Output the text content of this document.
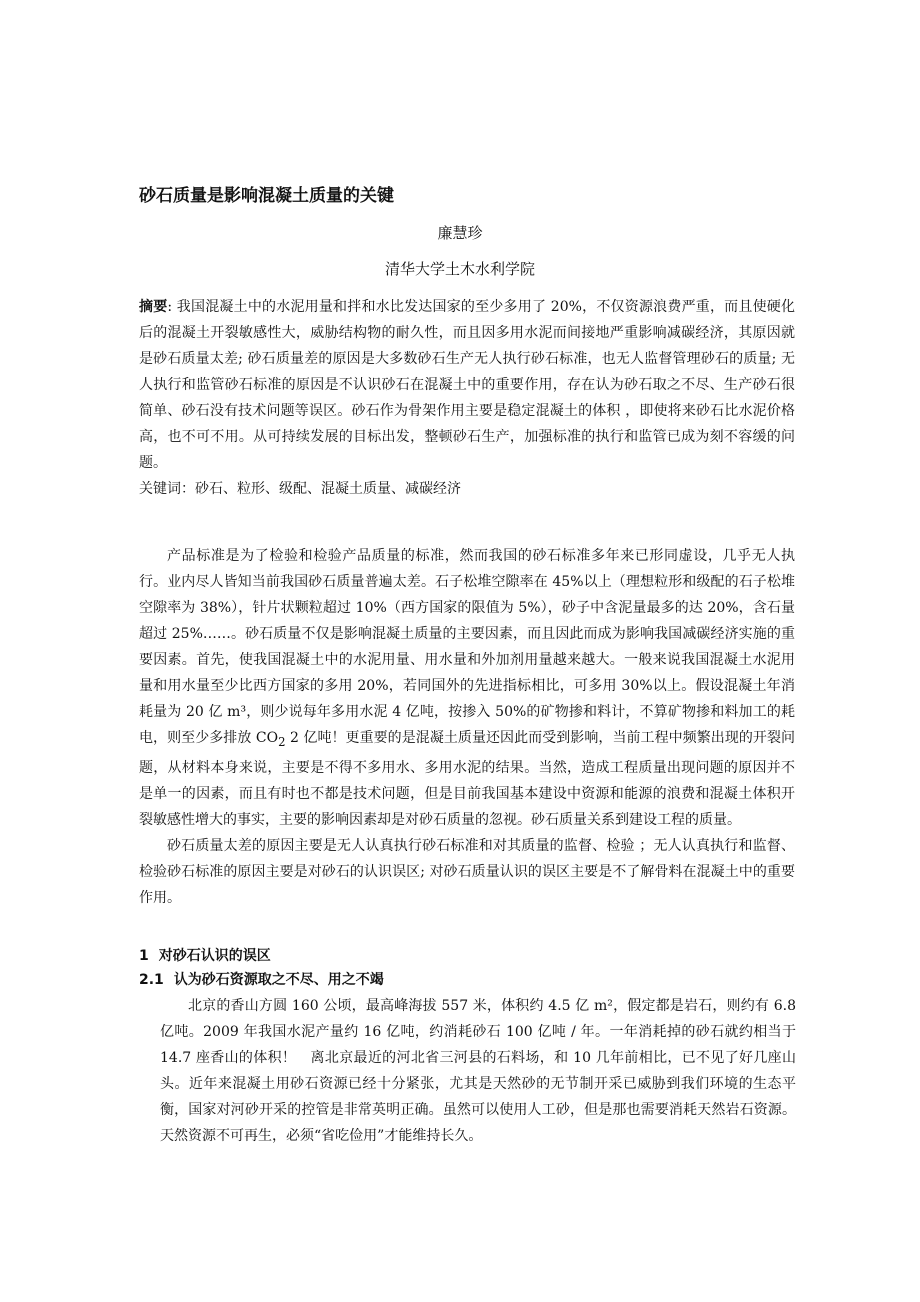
砂石质量是影响混凝土质量的关键
廉慧珍
清华大学土木水利学院
摘要: 我国混凝土中的水泥用量和拌和水比发达国家的至少多用了 20%，不仅资源浪费严重，而且使硬化后的混凝土开裂敏感性大，威胁结构物的耐久性，而且因多用水泥而间接地严重影响减碳经济，其原因就是砂石质量太差; 砂石质量差的原因是大多数砂石生产无人执行砂石标准，也无人监督管理砂石的质量; 无人执行和监管砂石标准的原因是不认识砂石在混凝土中的重要作用，存在认为砂石取之不尽、生产砂石很简单、砂石没有技术问题等误区。砂石作为骨架作用主要是稳定混凝土的体积 ，即使将来砂石比水泥价格高，也不可不用。从可持续发展的目标出发，整顿砂石生产，加强标准的执行和监管已成为刻不容缓的问题。
关键词：砂石、粒形、级配、混凝土质量、减碳经济

产品标准是为了检验和检验产品质量的标准，然而我国的砂石标准多年来已形同虚设，几乎无人执行。业内尽人皆知当前我国砂石质量普遍太差。石子松堆空隙率在 45%以上（理想粒形和级配的石子松堆空隙率为 38%），针片状颗粒超过 10%（西方国家的限值为 5%），砂子中含泥量最多的达 20%，含石量超过 25%……。砂石质量不仅是影响混凝土质量的主要因素，而且因此而成为影响我国减碳经济实施的重要因素。首先，使我国混凝土中的水泥用量、用水量和外加剂用量越来越大。一般来说我国混凝土水泥用量和用水量至少比西方国家的多用 20%，若同国外的先进指标相比，可多用 30%以上。假设混凝土年消耗量为 20 亿 m³，则少说每年多用水泥 4 亿吨，按掺入 50%的矿物掺和料计，不算矿物掺和料加工的耗电，则至少多排放 $CO_2$ 2 亿吨！更重要的是混凝土质量还因此而受到影响，当前工程中频繁出现的开裂问题，从材料本身来说，主要是不得不多用水、多用水泥的结果。当然，造成工程质量出现问题的原因并不是单一的因素，而且有时也不都是技术问题，但是目前我国基本建设中资源和能源的浪费和混凝土体积开裂敏感性增大的事实，主要的影响因素却是对砂石质量的忽视。砂石质量关系到建设工程的质量。

砂石质量太差的原因主要是无人认真执行砂石标准和对其质量的监督、检验 ；无人认真执行和监督、检验砂石标准的原因主要是对砂石的认识误区; 对砂石质量认识的误区主要是不了解骨料在混凝土中的重要作用。

1 对砂石认识的误区
2.1 认为砂石资源取之不尽、用之不竭

北京的香山方圆 160 公顷，最高峰海拔 557 米，体积约 4.5 亿 m²，假定都是岩石，则约有 6.8 亿吨。2009 年我国水泥产量约 16 亿吨，约消耗砂石 100 亿吨 / 年。一年消耗掉的砂石就约相当于 14.7 座香山的体积！　离北京最近的河北省三河县的石料场，和 10 几年前相比，已不见了好几座山头。近年来混凝土用砂石资源已经十分紧张，尤其是天然砂的无节制开采已威胁到我们环境的生态平衡，国家对河砂开采的控管是非常英明正确。虽然可以使用人工砂，但是那也需要消耗天然岩石资源。天然资源不可再生，必须“省吃俭用”才能维持长久。
